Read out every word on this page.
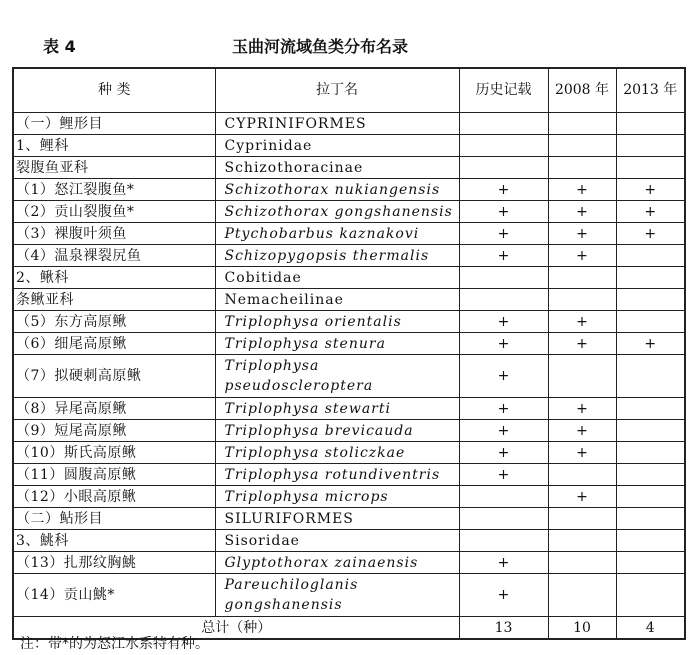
表 4	玉曲河流域鱼类分布名录
种 类	拉丁名	历史记载	2008 年	2013 年
（一）鲤形目	CYPRINIFORMES			
1、鲤科	Cyprinidae			
裂腹鱼亚科	Schizothoracinae			
（1）怒江裂腹鱼*	Schizothorax nukiangensis	+	+	+
（2）贡山裂腹鱼*	Schizothorax gongshanensis	+	+	+
（3）裸腹叶须鱼	Ptychobarbus kaznakovi	+	+	+
（4）温泉裸裂尻鱼	Schizopygopsis thermalis	+	+	
2、鳅科	Cobitidae			
条鳅亚科	Nemacheilinae			
（5）东方高原鳅	Triplophysa orientalis	+	+	
（6）细尾高原鳅	Triplophysa stenura	+	+	+
（7）拟硬刺高原鳅	Triplophysa pseudoscleroptera	+		
（8）异尾高原鳅	Triplophysa stewarti	+	+	
（9）短尾高原鳅	Triplophysa brevicauda	+	+	
（10）斯氏高原鳅	Triplophysa stoliczkae	+	+	
（11）圆腹高原鳅	Triplophysa rotundiventris	+		
（12）小眼高原鳅	Triplophysa microps		+	
（二）鲇形目	SILURIFORMES			
3、鮡科	Sisoridae			
（13）扎那纹胸鮡	Glyptothorax zainaensis	+		
（14）贡山鮡*	Pareuchiloglanis gongshanensis	+		
总计（种）		13	10	4
注：带*的为怒江水系特有种。
